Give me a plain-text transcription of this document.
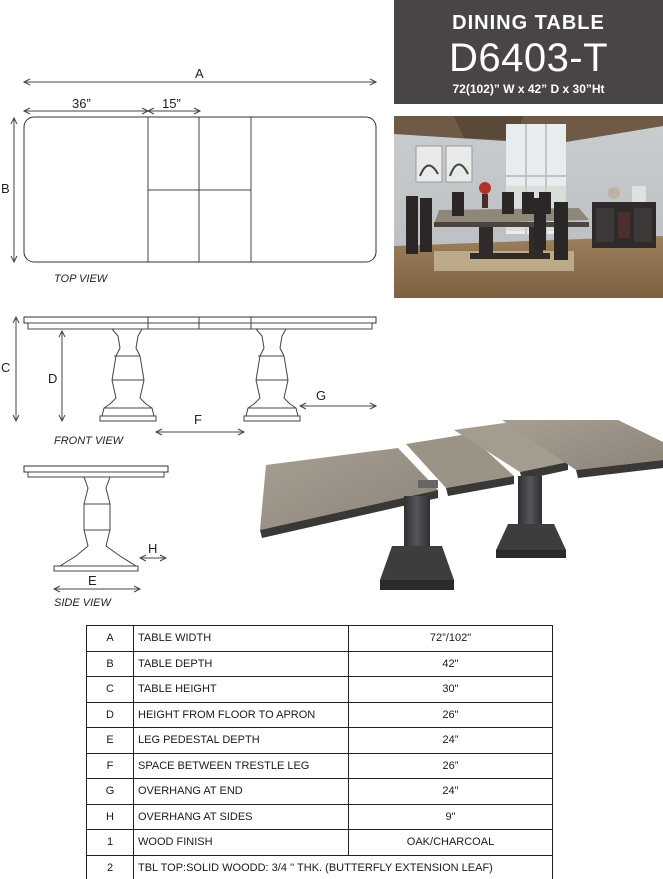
DINING TABLE
D6403-T
72(102)” W x 42” D x 30”Ht
A
36”	15”
B
TOP VIEW
C
D
G
F
FRONT VIEW
H
E
SIDE VIEW
A	TABLE WIDTH	72”/102"
B	TABLE DEPTH	42"
C	TABLE HEIGHT	30"
D	HEIGHT FROM FLOOR TO APRON	26"
E	LEG PEDESTAL DEPTH	24”
F	SPACE BETWEEN TRESTLE LEG	26”
G	OVERHANG AT END	24"
H	OVERHANG AT SIDES	9"
1	WOOD FINISH	OAK/CHARCOAL
2	TBL TOP:SOLID WOODD: 3/4 '' THK. (BUTTERFLY EXTENSION LEAF)	
